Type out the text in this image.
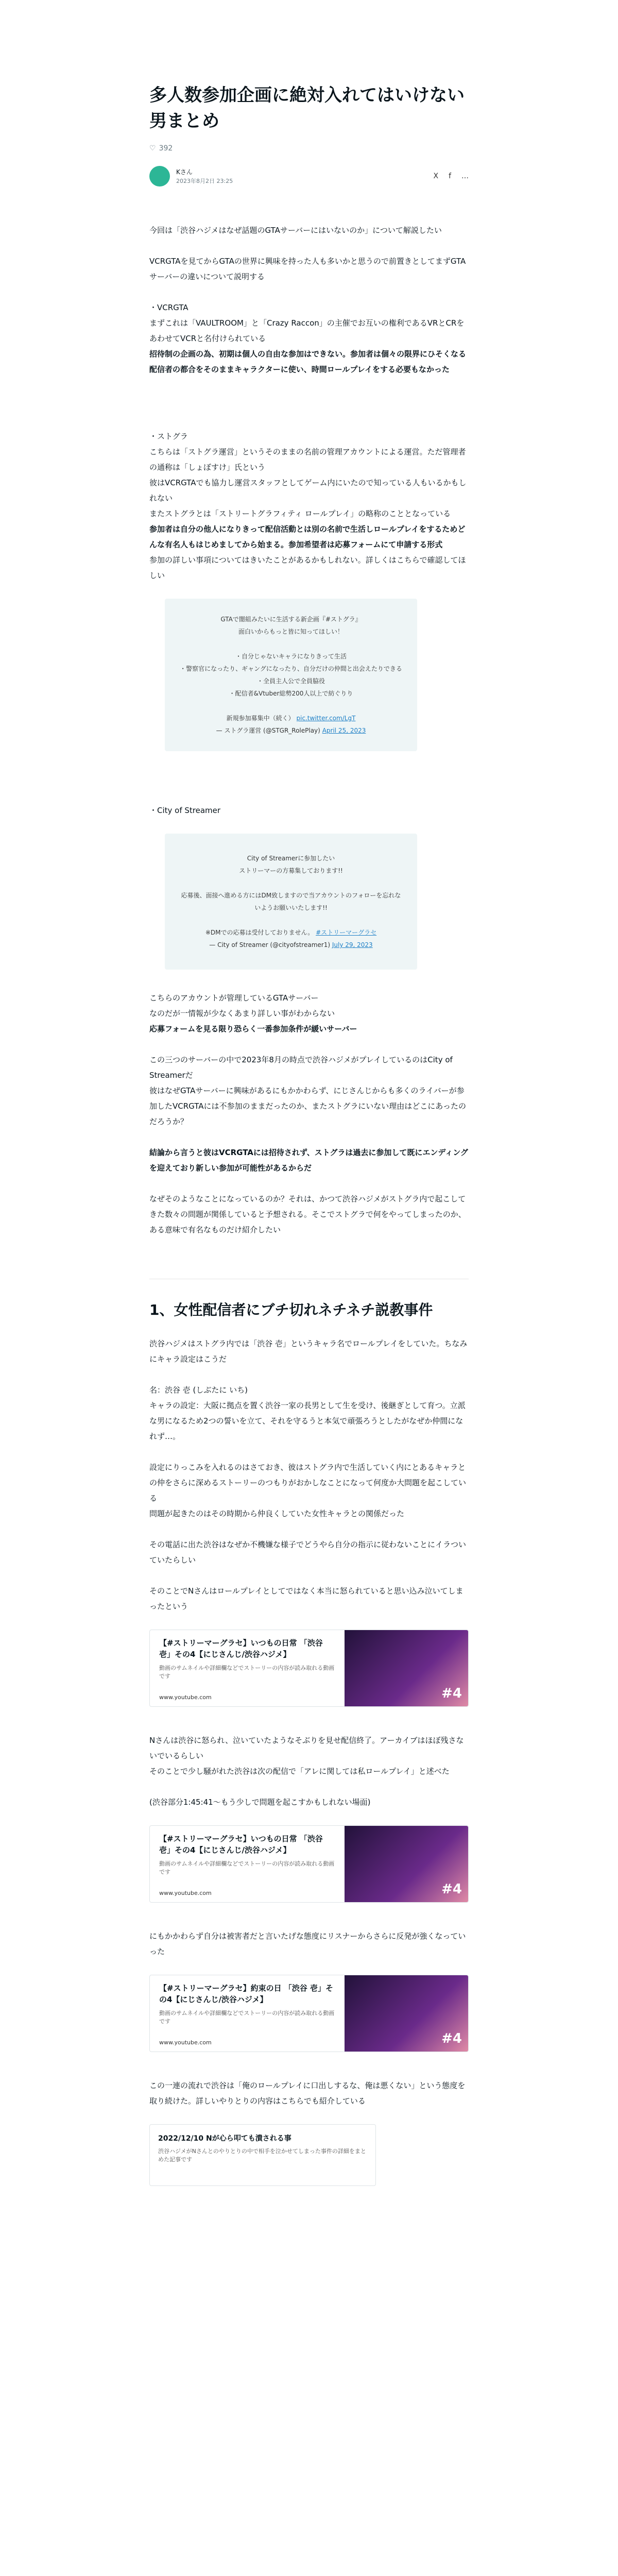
多人数参加企画に絶対入れてはいけない男まとめ
♡ 392
Kさん
2023年8月2日 23:25
X f …

今回は「渋谷ハジメはなぜ話題のGTAサーバーにはいないのか」について解説したい

VCRGTAを見てからGTAの世界に興味を持った人も多いかと思うので前置きとしてまずGTAサーバーの違いについて説明する

・VCRGTA

まずこれは「VAULTROOM」と「Crazy Raccon」の主催でお互いの権利であるVRとCRをあわせてVCRと名付けられている

招待制の企画の為、初期は個人の自由な参加はできない。参加者は個々の限界にひそくなる配信者の都合をそのままキャラクターに使い、時間ロールプレイをする必要もなかった

・ストグラ

こちらは「ストグラ運営」というそのままの名前の管理アカウントによる運営。ただ管理者の通称は「しょぼすけ」氏という

彼はVCRGTAでも協力し運営スタッフとしてゲーム内にいたので知っている人もいるかもしれない

またストグラとは「ストリートグラフィティ ロールプレイ」の略称のこととなっている

参加者は自分の他人になりきって配信活動とは別の名前で生活しロールプレイをするためどんな有名人もはじめましてから始まる。参加希望者は応募フォームにて申請する形式

参加の詳しい事項についてはきいたことがあるかもしれない。詳しくはこちらで確認してほしい

GTAで闇組みたいに生活する新企画『#ストグラ』
面白いからもっと皆に知ってほしい！

・自分じゃないキャラになりきって生活
・警察官になったり、ギャングになったり、自分だけの仲間と出会えたりできる
・全員主人公で全員脇役
・配信者&Vtuber総勢200人以上で紡ぐりり

新規参加募集中（続く） pic.twitter.com/LgT
— ストグラ運営 (@STGR_RolePlay) April 25, 2023

・City of Streamer

City of Streamerに参加したい
ストリーマーの方募集しております!!

応募後、面接へ進める方にはDM致しますので当アカウントのフォローを忘れないようお願いいたします!!

※DMでの応募は受付しておりません。 #ストリーマーグラセ
— City of Streamer (@cityofstreamer1) July 29, 2023

こちらのアカウントが管理しているGTAサーバー

なのだが一情報が少なくあまり詳しい事がわからない

応募フォームを見る限り恐らく一番参加条件が緩いサーバー

この三つのサーバーの中で2023年8月の時点で渋谷ハジメがプレイしているのはCity of Streamerだ

彼はなぜGTAサーバーに興味があるにもかかわらず、にじさんじからも多くのライバーが参加したVCRGTAには不参加のままだったのか、またストグラにいない理由はどこにあったのだろうか？

結論から言うと彼はVCRGTAには招待されず、ストグラは過去に参加して既にエンディングを迎えており新しい参加が可能性があるからだ

なぜそのようなことになっているのか？それは、かつて渋谷ハジメがストグラ内で起こしてきた数々の問題が関係していると予想される。そこでストグラで何をやってしまったのか、ある意味で有名なものだけ紹介したい

1、女性配信者にブチ切れネチネチ説教事件

渋谷ハジメはストグラ内では「渋谷 壱」というキャラ名でロールプレイをしていた。ちなみにキャラ設定はこうだ

名：渋谷 壱 (しぶたに いち)

キャラの設定：大阪に拠点を置く渋谷一家の長男として生を受け、後継ぎとして育つ。立派な男になるため2つの誓いを立て、それを守るうと本気で頑張ろうとしたがなぜか仲間になれず…。

設定にりっこみを入れるのはさておき、彼はストグラ内で生活していく内にとあるキャラとの仲をさらに深めるストーリーのつもりがおかしなことになって何度か大問題を起こしている

問題が起きたのはその時期から仲良くしていた女性キャラとの関係だった

その電話に出た渋谷はなぜか不機嫌な様子でどうやら自分の指示に従わないことにイラついていたらしい

そのことでNさんはロールプレイとしてではなく本当に怒られていると思い込み泣いてしまったという

【#ストリーマーグラセ】いつもの日常 「渋谷 壱」その4【にじさんじ/渋谷ハジメ】
動画のサムネイルや詳細欄などでストーリーの内容が読み取れる動画です
www.youtube.com	#4

Nさんは渋谷に怒られ、泣いていたようなそぶりを見せ配信終了。アーカイブはほぼ残さないでいるらしい

そのことで少し騒がれた渋谷は次の配信で「アレに関しては私ロールプレイ」と述べた

(渋谷部分1:45:41～もう少しで問題を起こすかもしれない場面)

【#ストリーマーグラセ】いつもの日常 「渋谷 壱」その4【にじさんじ/渋谷ハジメ】
動画のサムネイルや詳細欄などでストーリーの内容が読み取れる動画です
www.youtube.com	#4

にもかかわらず自分は被害者だと言いたげな態度にリスナーからさらに反発が強くなっていった

【#ストリーマーグラセ】約束の日 「渋谷 壱」その4【にじさんじ/渋谷ハジメ】
動画のサムネイルや詳細欄などでストーリーの内容が読み取れる動画です
www.youtube.com	#4

この一連の流れで渋谷は「俺のロールプレイに口出しするな、俺は悪くない」という態度を取り続けた。詳しいやりとりの内容はこちらでも紹介している

2022/12/10 Nが心ら叩ても潰される事
渋谷ハジメがNさんとのやりとりの中で相手を泣かせてしまった事件の詳細をまとめた記事です
